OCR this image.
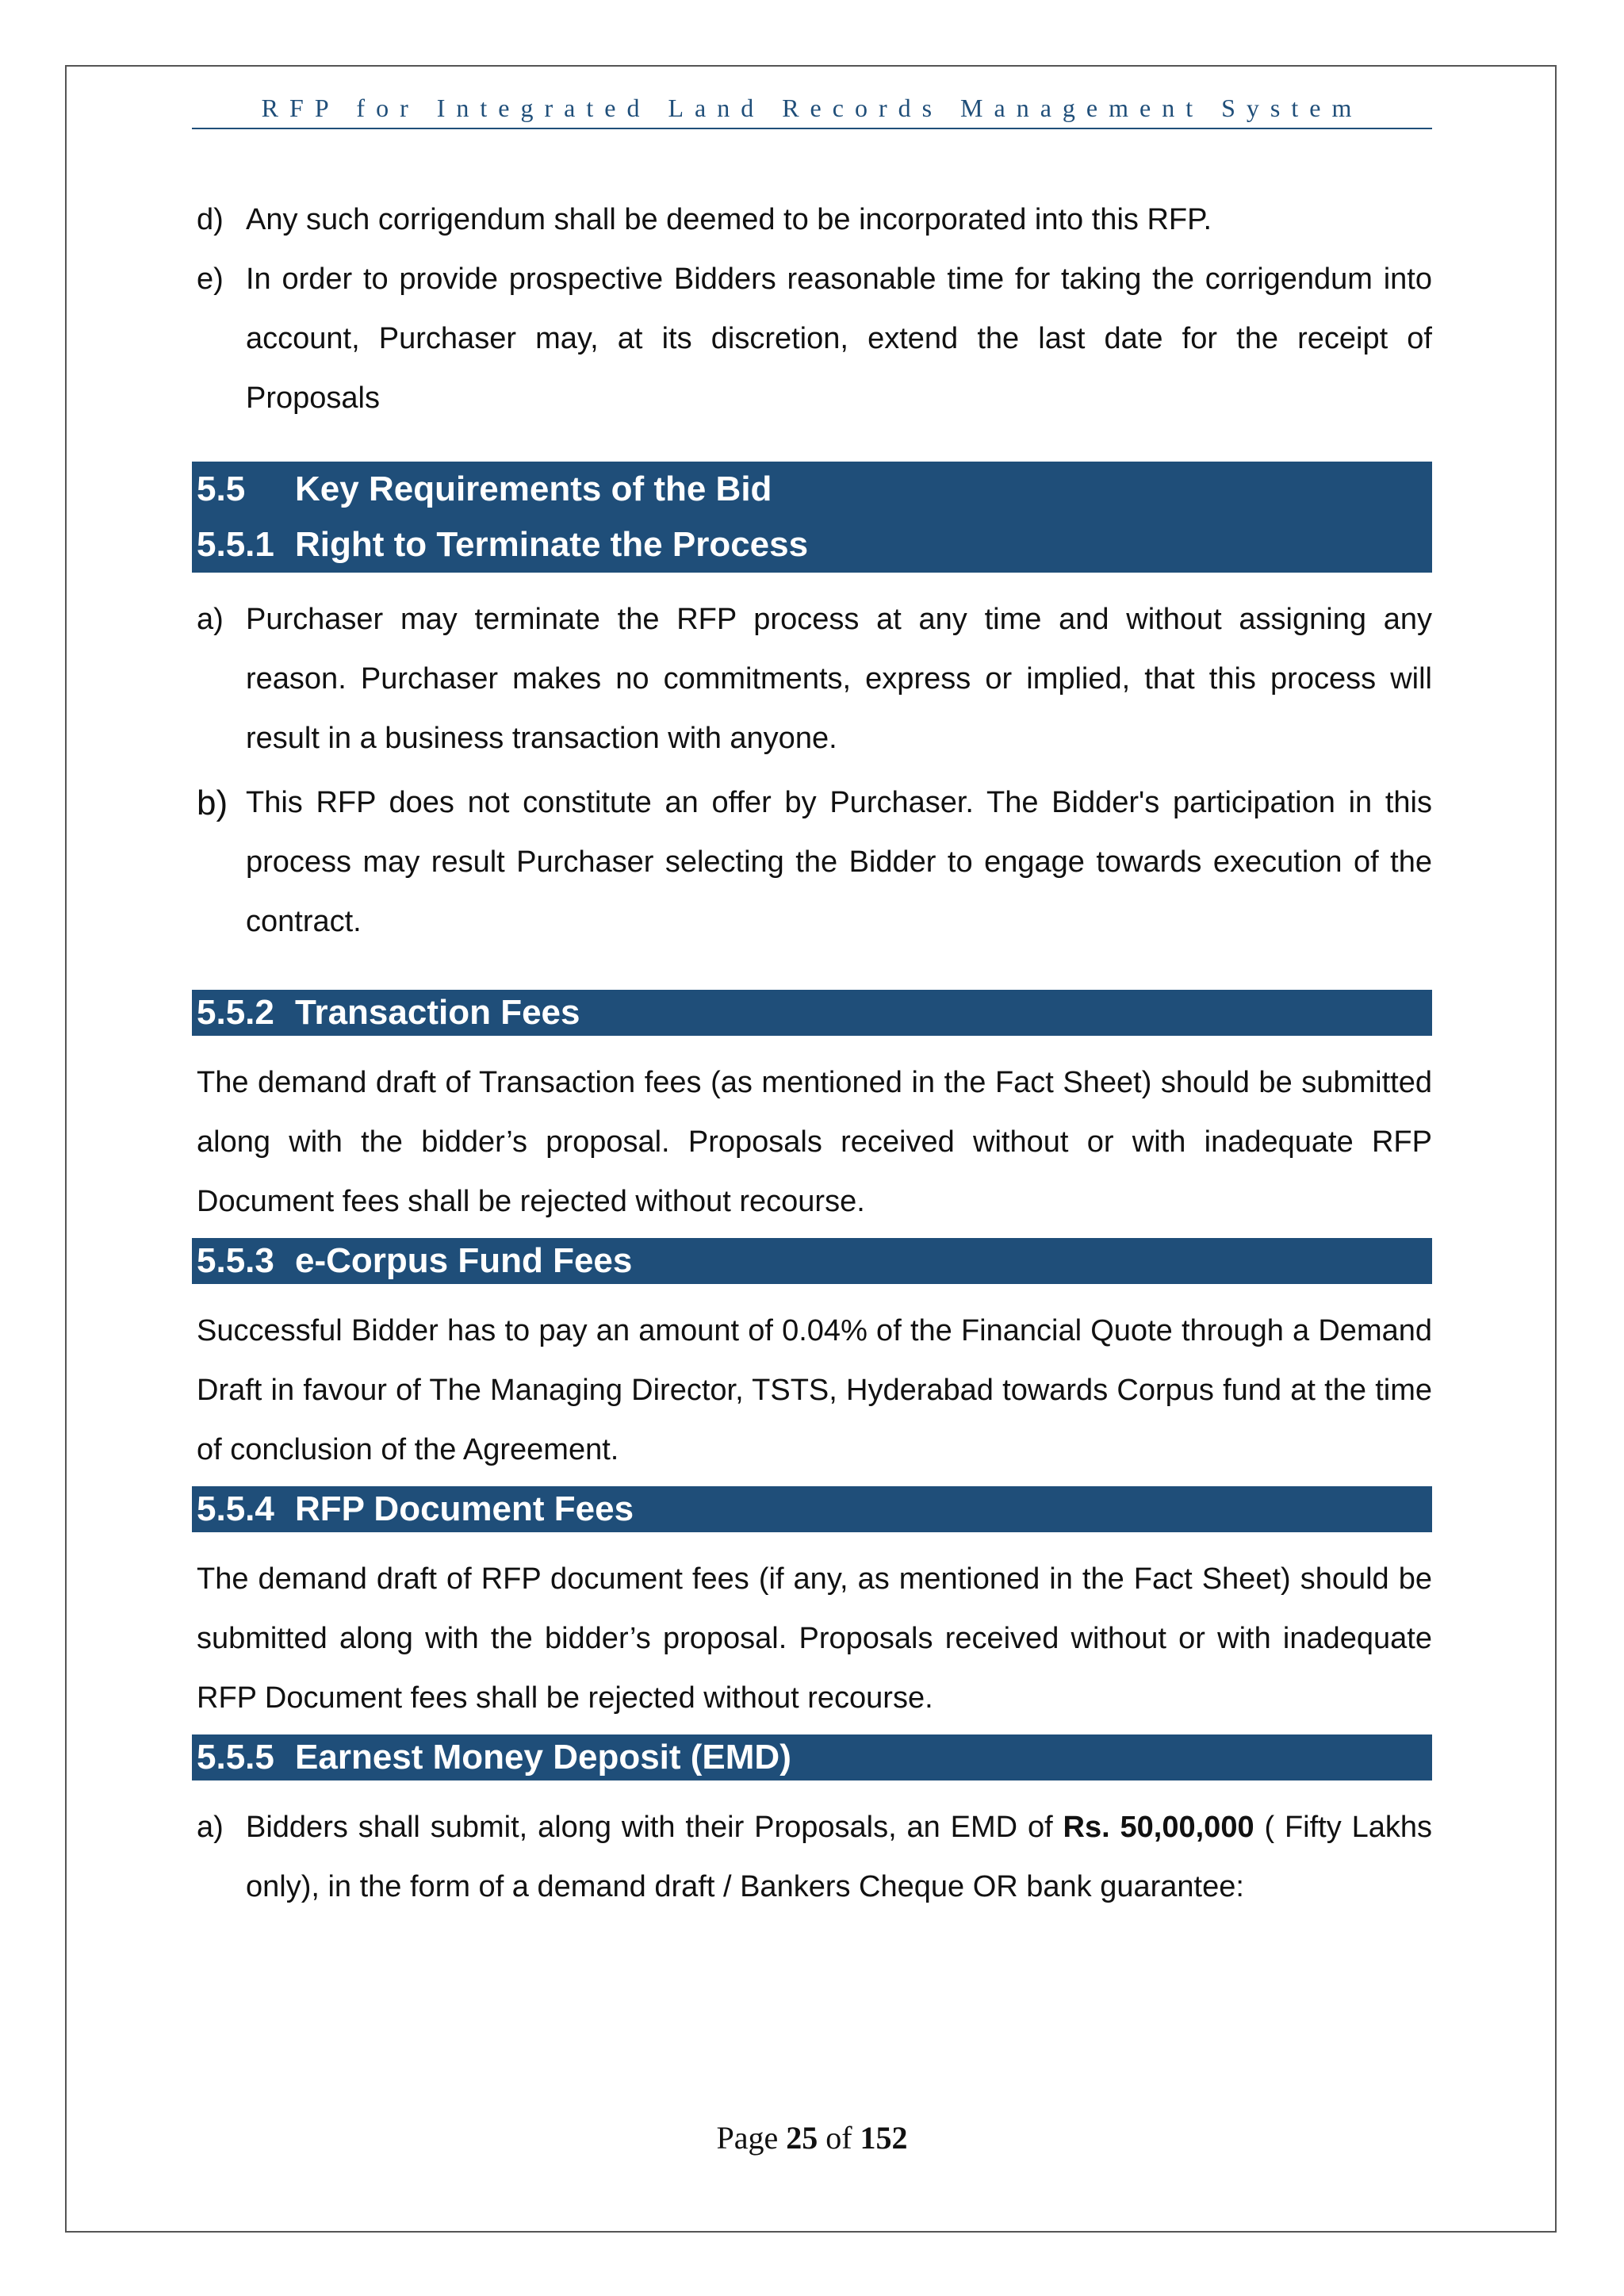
RFP for Integrated Land Records Management System

d) Any such corrigendum shall be deemed to be incorporated into this RFP.

e) In order to provide prospective Bidders reasonable time for taking the corrigendum into account, Purchaser may, at its discretion, extend the last date for the receipt of Proposals

5.5	Key Requirements of the Bid
5.5.1 Right to Terminate the Process

a) Purchaser may terminate the RFP process at any time and without assigning any reason. Purchaser makes no commitments, express or implied, that this process will result in a business transaction with anyone.

b) This RFP does not constitute an offer by Purchaser. The Bidder's participation in this process may result Purchaser selecting the Bidder to engage towards execution of the contract.

5.5.2 Transaction Fees

The demand draft of Transaction fees (as mentioned in the Fact Sheet) should be submitted along with the bidder’s proposal. Proposals received without or with inadequate RFP Document fees shall be rejected without recourse.

5.5.3 e-Corpus Fund Fees

Successful Bidder has to pay an amount of 0.04% of the Financial Quote through a Demand Draft in favour of The Managing Director, TSTS, Hyderabad towards Corpus fund at the time of conclusion of the Agreement.

5.5.4 RFP Document Fees

The demand draft of RFP document fees (if any, as mentioned in the Fact Sheet) should be submitted along with the bidder’s proposal. Proposals received without or with inadequate RFP Document fees shall be rejected without recourse.

5.5.5 Earnest Money Deposit (EMD)

a) Bidders shall submit, along with their Proposals, an EMD of Rs. 50,00,000 ( Fifty Lakhs only), in the form of a demand draft / Bankers Cheque OR bank guarantee:

Page 25 of 152
